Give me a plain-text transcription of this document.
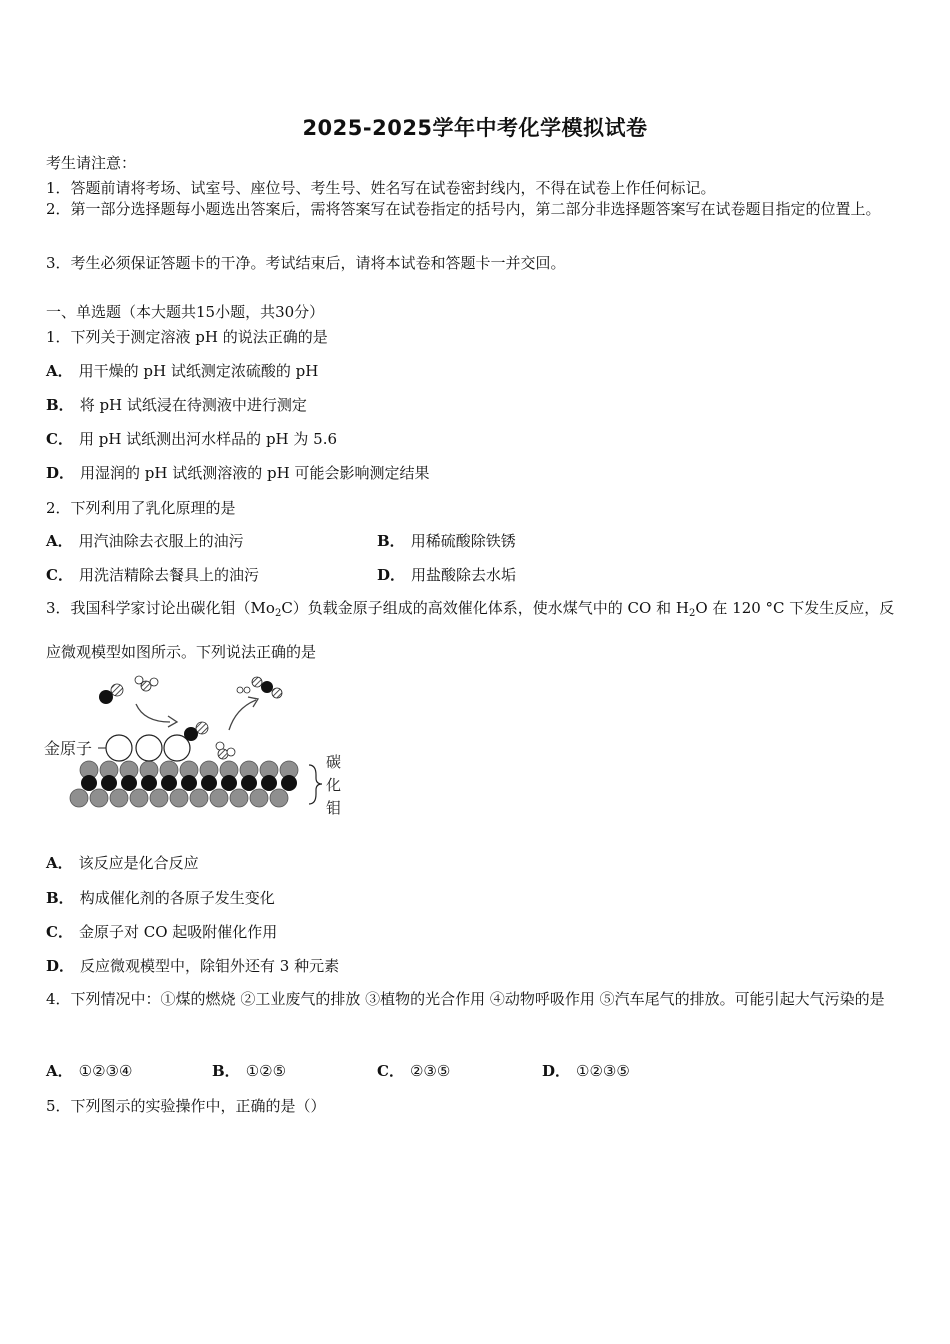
2025-2025学年中考化学模拟试卷
考生请注意：
1．答题前请将考场、试室号、座位号、考生号、姓名写在试卷密封线内，不得在试卷上作任何标记。
2．第一部分选择题每小题选出答案后，需将答案写在试卷指定的括号内，第二部分非选择题答案写在试卷题目指定的位置上。
3．考生必须保证答题卡的干净。考试结束后，请将本试卷和答题卡一并交回。
一、单选题（本大题共15小题，共30分）
1．下列关于测定溶液 pH 的说法正确的是
A． 用干燥的 pH 试纸测定浓硫酸的 pH
B． 将 pH 试纸浸在待测液中进行测定
C． 用 pH 试纸测出河水样品的 pH 为 5.6
D． 用湿润的 pH 试纸测溶液的 pH 可能会影响测定结果
2．下列利用了乳化原理的是
A． 用汽油除去衣服上的油污	B． 用稀硫酸除铁锈
C． 用洗洁精除去餐具上的油污	D． 用盐酸除去水垢
3．我国科学家讨论出碳化钼$(Mo_2C)$负载金原子组成的高效催化体系，使水煤气中的 CO 和 $H_2O$ 在 120 °C 下发生反应，反应微观模型如图所示。下列说法正确的是
金原子
碳
化
钼
A． 该反应是化合反应
B． 构成催化剂的各原子发生变化
C． 金原子对 CO 起吸附催化作用
D． 反应微观模型中，除钼外还有 3 种元素
4．下列情况中：①煤的燃烧 ②工业废气的排放 ③植物的光合作用 ④动物呼吸作用 ⑤汽车尾气的排放。可能引起大气污染的是
A． ①②③④	B． ①②⑤	C． ②③⑤	D． ①②③⑤
5．下列图示的实验操作中，正确的是（）
